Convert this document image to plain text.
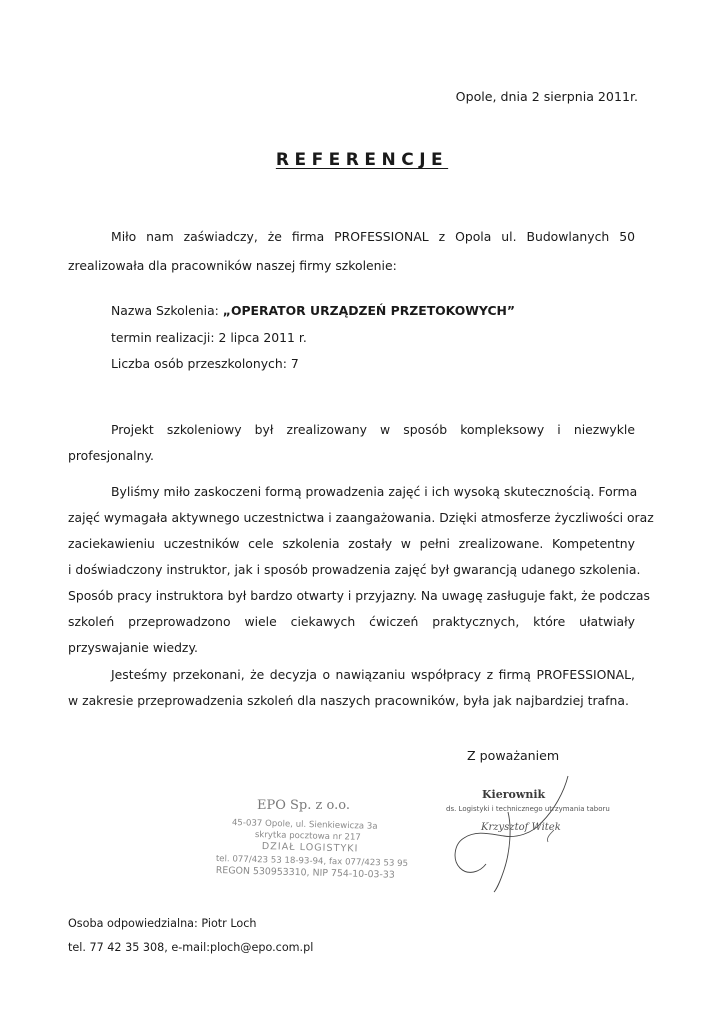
Opole, dnia 2 sierpnia 2011r.
REFERENCJE
Miło nam zaświadczy, że firma PROFESSIONAL z Opola ul. Budowlanych 50
zrealizowała dla pracowników naszej firmy szkolenie:
Nazwa Szkolenia: „OPERATOR URZĄDZEŃ PRZETOKOWYCH”
termin realizacji: 2 lipca 2011 r.
Liczba osób przeszkolonych: 7
Projekt szkoleniowy był zrealizowany w sposób kompleksowy i niezwykle
profesjonalny.
Byliśmy miło zaskoczeni formą prowadzenia zajęć i ich wysoką skutecznością. Forma
zajęć wymagała aktywnego uczestnictwa i zaangażowania. Dzięki atmosferze życzliwości oraz
zaciekawieniu uczestników cele szkolenia zostały w pełni zrealizowane. Kompetentny
i doświadczony instruktor, jak i sposób prowadzenia zajęć był gwarancją udanego szkolenia.
Sposób pracy instruktora był bardzo otwarty i przyjazny. Na uwagę zasługuje fakt, że podczas
szkoleń przeprowadzono wiele ciekawych ćwiczeń praktycznych, które ułatwiały
przyswajanie wiedzy.
Jesteśmy przekonani, że decyzja o nawiązaniu współpracy z firmą PROFESSIONAL,
w zakresie przeprowadzenia szkoleń dla naszych pracowników, była jak najbardziej trafna.
Z poważaniem
EPO Sp. z o.o.
45-037 Opole, ul. Sienkiewicza 3a
skrytka pocztowa nr 217
DZIAŁ LOGISTYKI
tel. 077/423 53 18-93-94, fax 077/423 53 95
REGON 530953310, NIP 754-10-03-33
Kierownik
ds. Logistyki i technicznego utrzymania taboru
Krzysztof Witek
Osoba odpowiedzialna: Piotr Loch
tel. 77 42 35 308, e-mail:ploch@epo.com.pl
